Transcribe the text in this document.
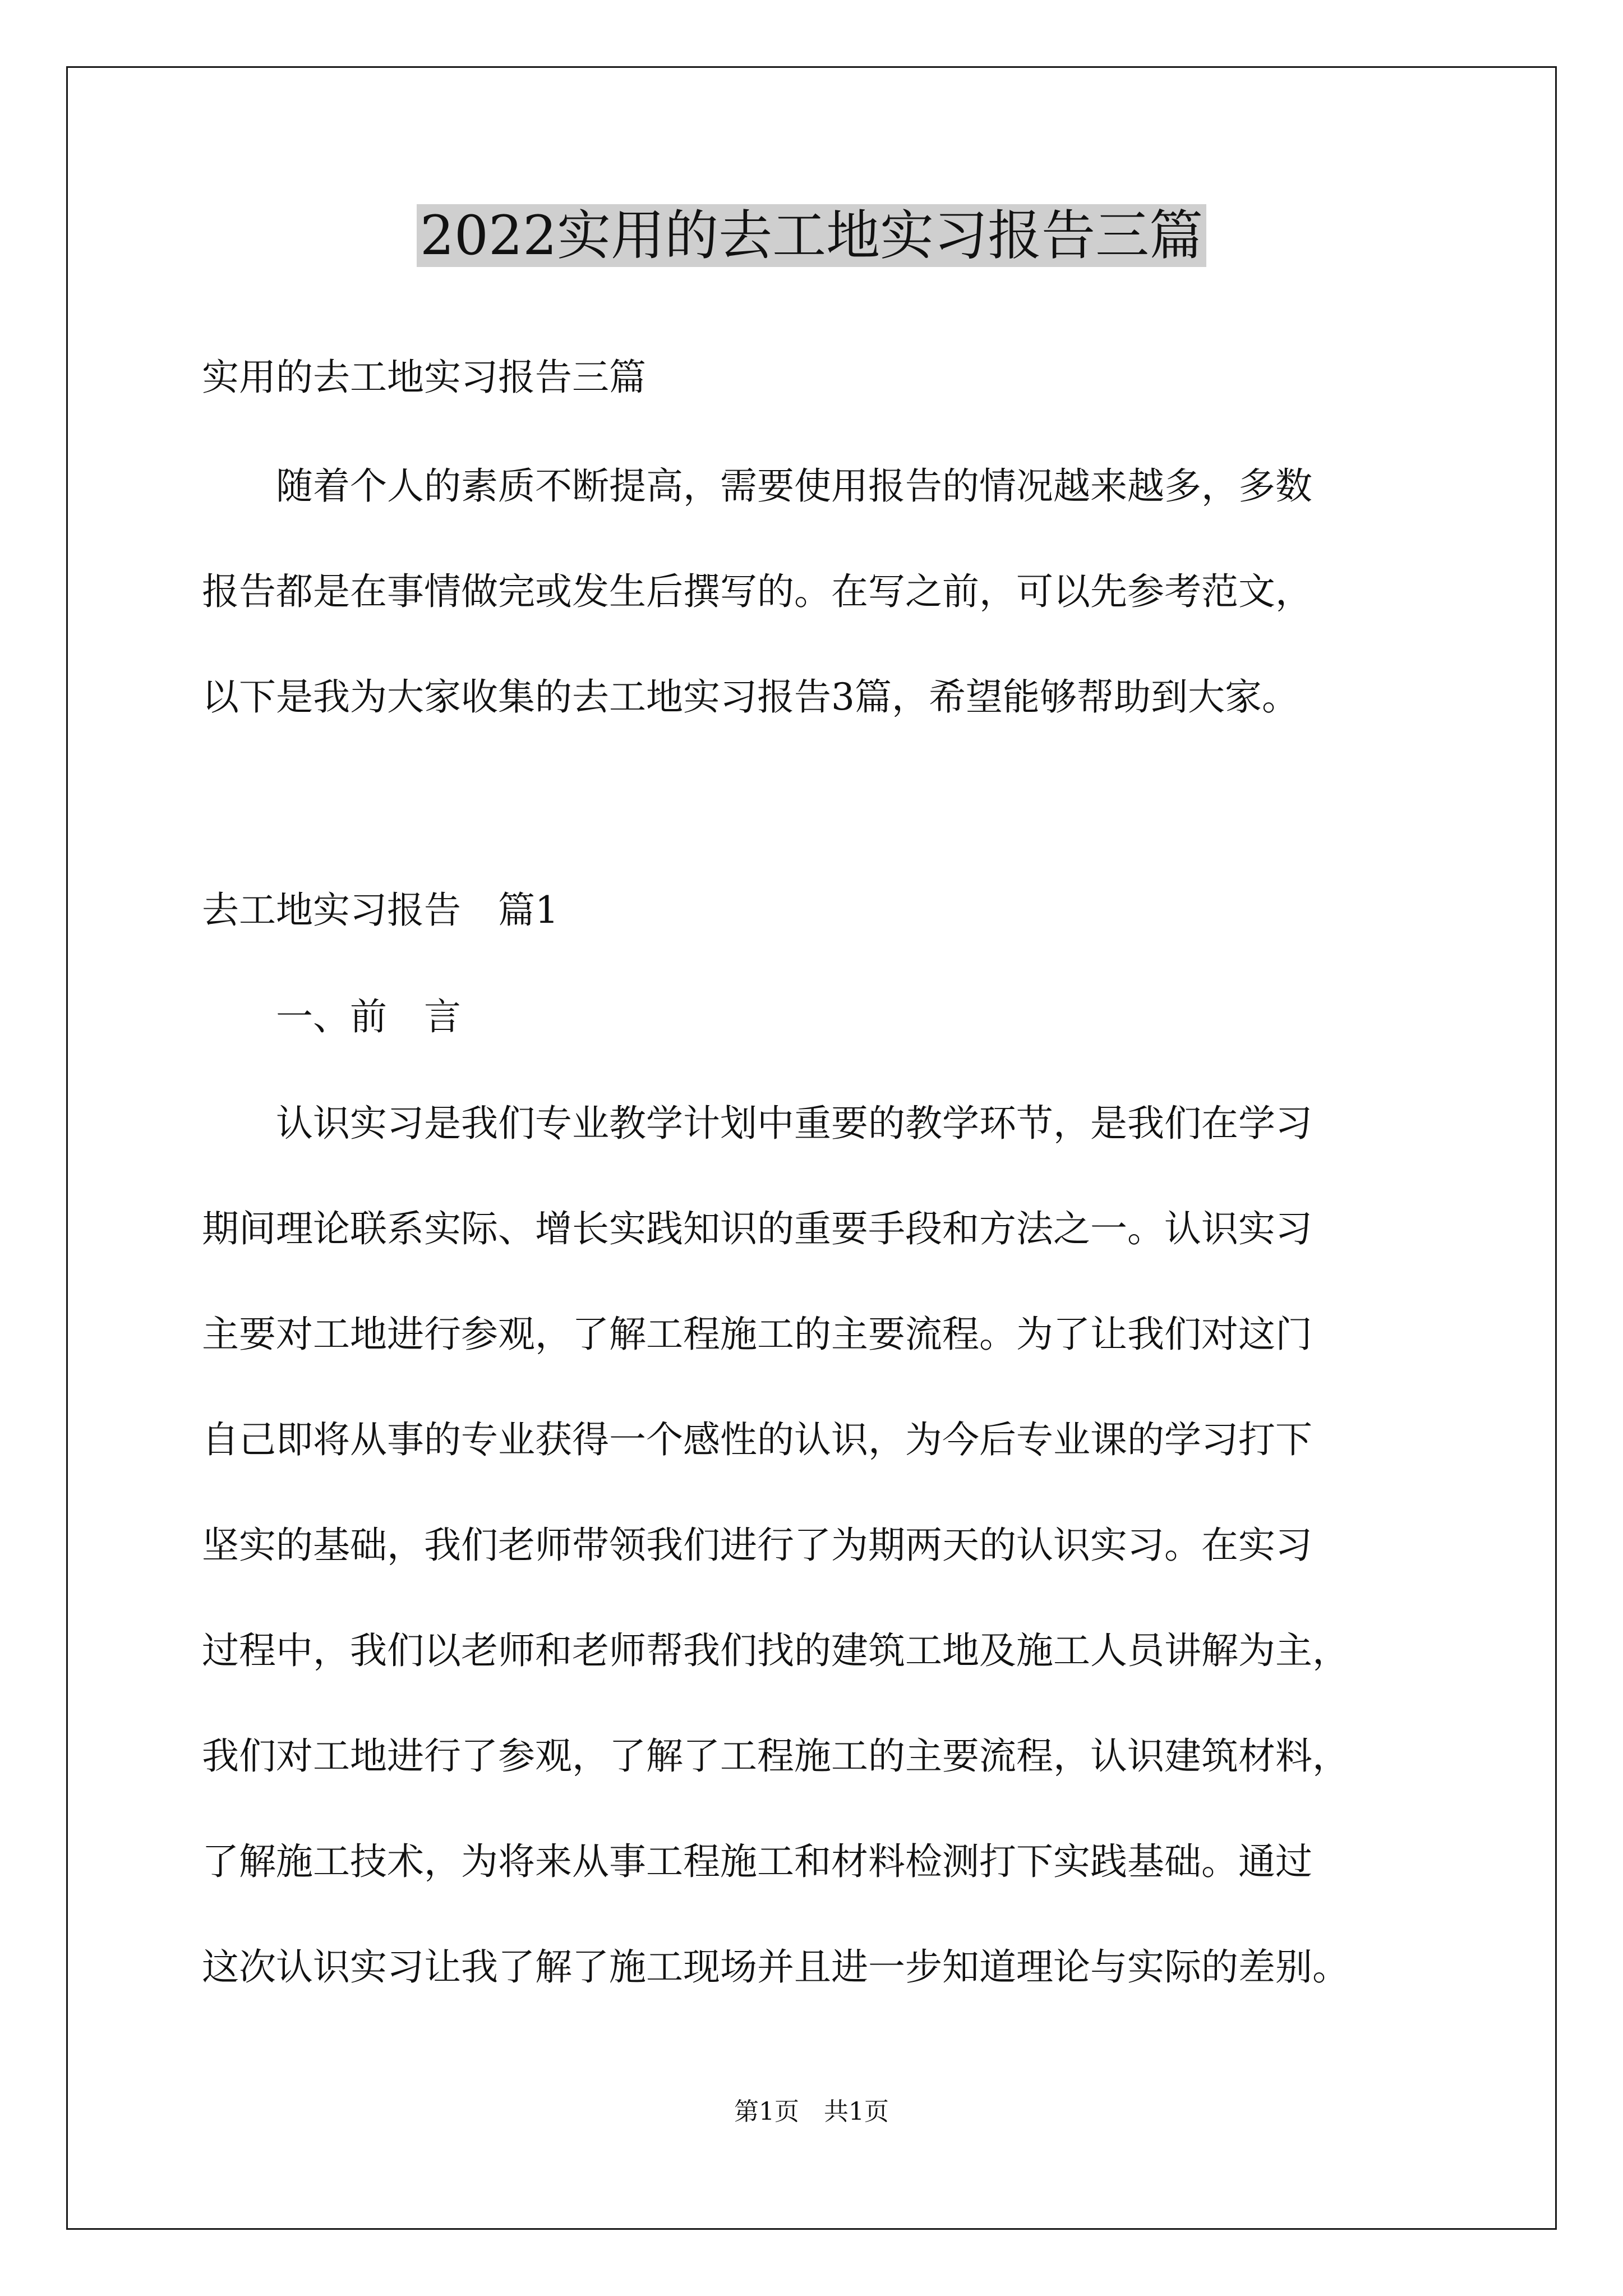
2022实用的去工地实习报告三篇
实用的去工地实习报告三篇
　　随着个人的素质不断提高，需要使用报告的情况越来越多，多数
报告都是在事情做完或发生后撰写的。在写之前，可以先参考范文，
以下是我为大家收集的去工地实习报告3篇，希望能够帮助到大家。
去工地实习报告　篇1
　　一、前　言
　　认识实习是我们专业教学计划中重要的教学环节，是我们在学习
期间理论联系实际、增长实践知识的重要手段和方法之一。认识实习
主要对工地进行参观，了解工程施工的主要流程。为了让我们对这门
自己即将从事的专业获得一个感性的认识，为今后专业课的学习打下
坚实的基础，我们老师带领我们进行了为期两天的认识实习。在实习
过程中，我们以老师和老师帮我们找的建筑工地及施工人员讲解为主，
我们对工地进行了参观，了解了工程施工的主要流程，认识建筑材料，
了解施工技术，为将来从事工程施工和材料检测打下实践基础。通过
这次认识实习让我了解了施工现场并且进一步知道理论与实际的差别。
第1页　共1页
